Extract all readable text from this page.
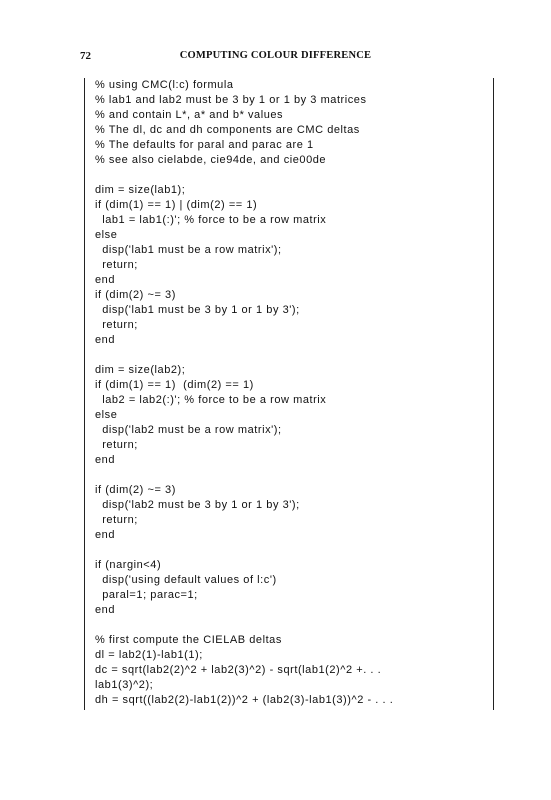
72	COMPUTING COLOUR DIFFERENCE
% using CMC(l:c) formula
% lab1 and lab2 must be 3 by 1 or 1 by 3 matrices
% and contain L*, a* and b* values
% The dl, dc and dh components are CMC deltas
% The defaults for paral and parac are 1
% see also cielabde, cie94de, and cie00de
dim = size(lab1);
if (dim(1) == 1) | (dim(2) == 1)
lab1 = lab1(:)'; % force to be a row matrix
else
disp('lab1 must be a row matrix');
return;
end
if (dim(2) ~= 3)
disp('lab1 must be 3 by 1 or 1 by 3');
return;
end
dim = size(lab2);
if (dim(1) == 1)  (dim(2) == 1)
lab2 = lab2(:)'; % force to be a row matrix
else
disp('lab2 must be a row matrix');
return;
end
if (dim(2) ~= 3)
disp('lab2 must be 3 by 1 or 1 by 3');
return;
end
if (nargin<4)
disp('using default values of l:c')
paral=1; parac=1;
end
% first compute the CIELAB deltas
dl = lab2(1)-lab1(1);
dc = sqrt(lab2(2)^2 + lab2(3)^2) - sqrt(lab1(2)^2 +. . .
lab1(3)^2);
dh = sqrt((lab2(2)-lab1(2))^2 + (lab2(3)-lab1(3))^2 - . . .
